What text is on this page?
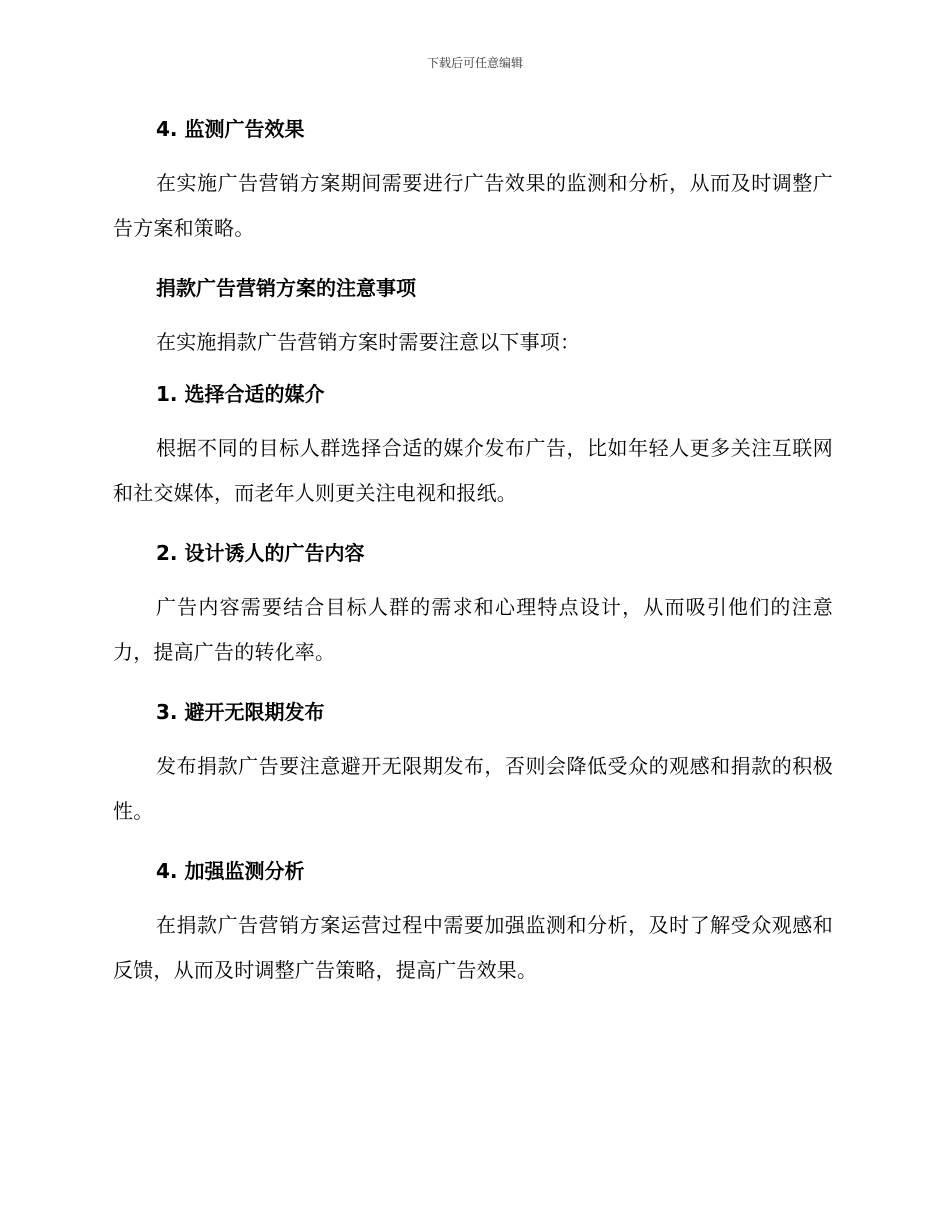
下载后可任意编辑
4. 监测广告效果

在实施广告营销方案期间需要进行广告效果的监测和分析，从而及时调整广告方案和策略。

捐款广告营销方案的注意事项

在实施捐款广告营销方案时需要注意以下事项：

1. 选择合适的媒介

根据不同的目标人群选择合适的媒介发布广告，比如年轻人更多关注互联网和社交媒体，而老年人则更关注电视和报纸。

2. 设计诱人的广告内容

广告内容需要结合目标人群的需求和心理特点设计，从而吸引他们的注意力，提高广告的转化率。

3. 避开无限期发布

发布捐款广告要注意避开无限期发布，否则会降低受众的观感和捐款的积极性。

4. 加强监测分析

在捐款广告营销方案运营过程中需要加强监测和分析，及时了解受众观感和反馈，从而及时调整广告策略，提高广告效果。
